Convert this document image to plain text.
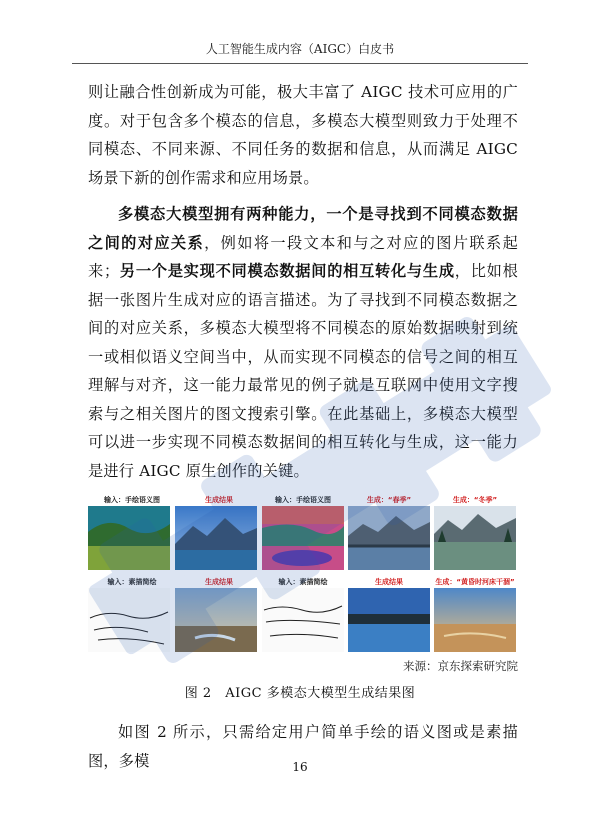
人工智能生成内容（AIGC）白皮书
则让融合性创新成为可能，极大丰富了 AIGC 技术可应用的广度。对于包含多个模态的信息，多模态大模型则致力于处理不同模态、不同来源、不同任务的数据和信息，从而满足 AIGC 场景下新的创作需求和应用场景。
多模态大模型拥有两种能力，一个是寻找到不同模态数据之间的对应关系，例如将一段文本和与之对应的图片联系起来；另一个是实现不同模态数据间的相互转化与生成，比如根据一张图片生成对应的语言描述。为了寻找到不同模态数据之间的对应关系，多模态大模型将不同模态的原始数据映射到统一或相似语义空间当中，从而实现不同模态的信号之间的相互理解与对齐，这一能力最常见的例子就是互联网中使用文字搜索与之相关图片的图文搜索引擎。在此基础上，多模态大模型可以进一步实现不同模态数据间的相互转化与生成，这一能力是进行 AIGC 原生创作的关键。
输入：手绘语义图	生成结果	输入：手绘语义图	生成：“春季”	生成：“冬季”
输入：素描简绘	生成结果	输入：素描简绘	生成结果	生成：“黄昏时河床干涸”
来源：京东探索研究院
图 2　AIGC 多模态大模型生成结果图
如图 2 所示，只需给定用户简单手绘的语义图或是素描图，多模	16
